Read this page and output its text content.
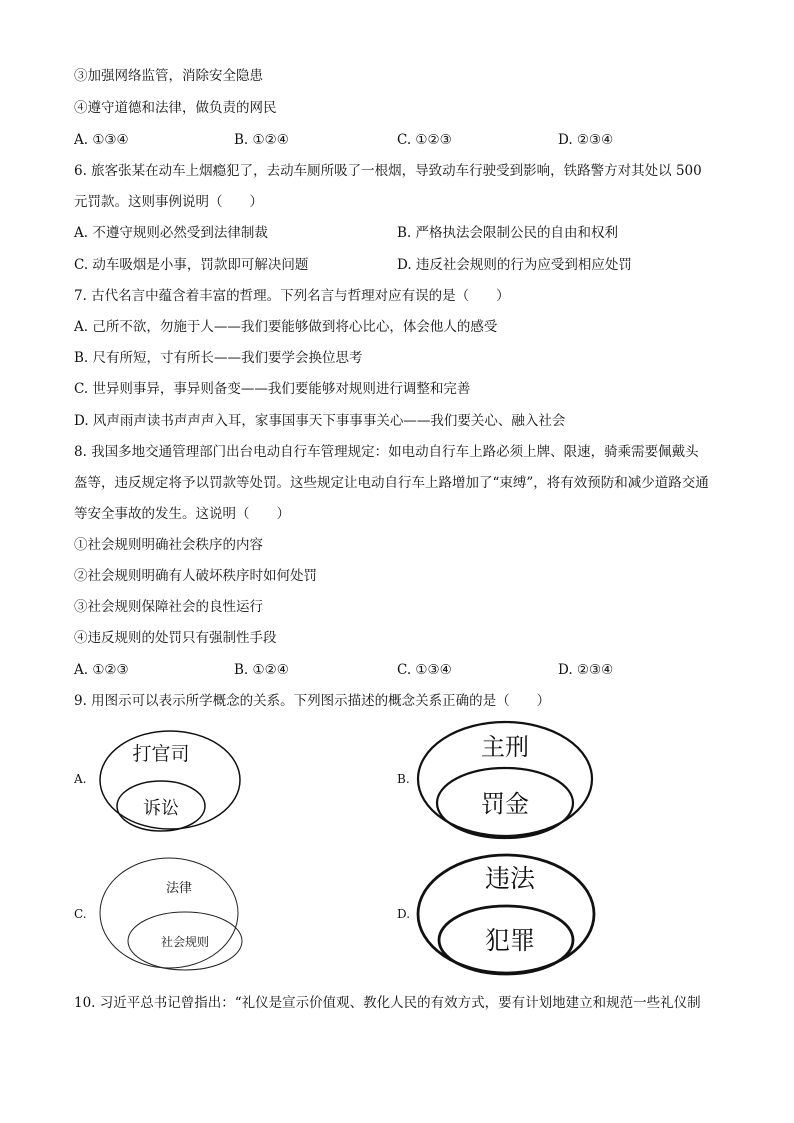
③加强网络监管，消除安全隐患
④遵守道德和法律，做负责的网民
A. ①③④	B. ①②④	C. ①②③	D. ②③④
6. 旅客张某在动车上烟瘾犯了，去动车厕所吸了一根烟，导致动车行驶受到影响，铁路警方对其处以 500
元罚款。这则事例说明（　　）
A. 不遵守规则必然受到法律制裁	B. 严格执法会限制公民的自由和权利
C. 动车吸烟是小事，罚款即可解决问题	D. 违反社会规则的行为应受到相应处罚
7. 古代名言中蕴含着丰富的哲理。下列名言与哲理对应有误的是（　　）
A. 己所不欲，勿施于人——我们要能够做到将心比心，体会他人的感受
B. 尺有所短，寸有所长——我们要学会换位思考
C. 世异则事异，事异则备变——我们要能够对规则进行调整和完善
D. 风声雨声读书声声声入耳，家事国事天下事事事关心——我们要关心、融入社会
8. 我国多地交通管理部门出台电动自行车管理规定：如电动自行车上路必须上牌、限速，骑乘需要佩戴头
盔等，违反规定将予以罚款等处罚。这些规定让电动自行车上路增加了“束缚”，将有效预防和减少道路交通
等安全事故的发生。这说明（　　）
①社会规则明确社会秩序的内容
②社会规则明确有人破坏秩序时如何处罚
③社会规则保障社会的良性运行
④违反规则的处罚只有强制性手段
A. ①②③	B. ①②④	C. ①③④	D. ②③④
9. 用图示可以表示所学概念的关系。下列图示描述的概念关系正确的是（　　）
A.
打官司
诉讼
B.
主刑
罚金
C.
法律
社会规则
D.
违法
犯罪
10. 习近平总书记曾指出：“礼仪是宣示价值观、教化人民的有效方式，要有计划地建立和规范一些礼仪制
